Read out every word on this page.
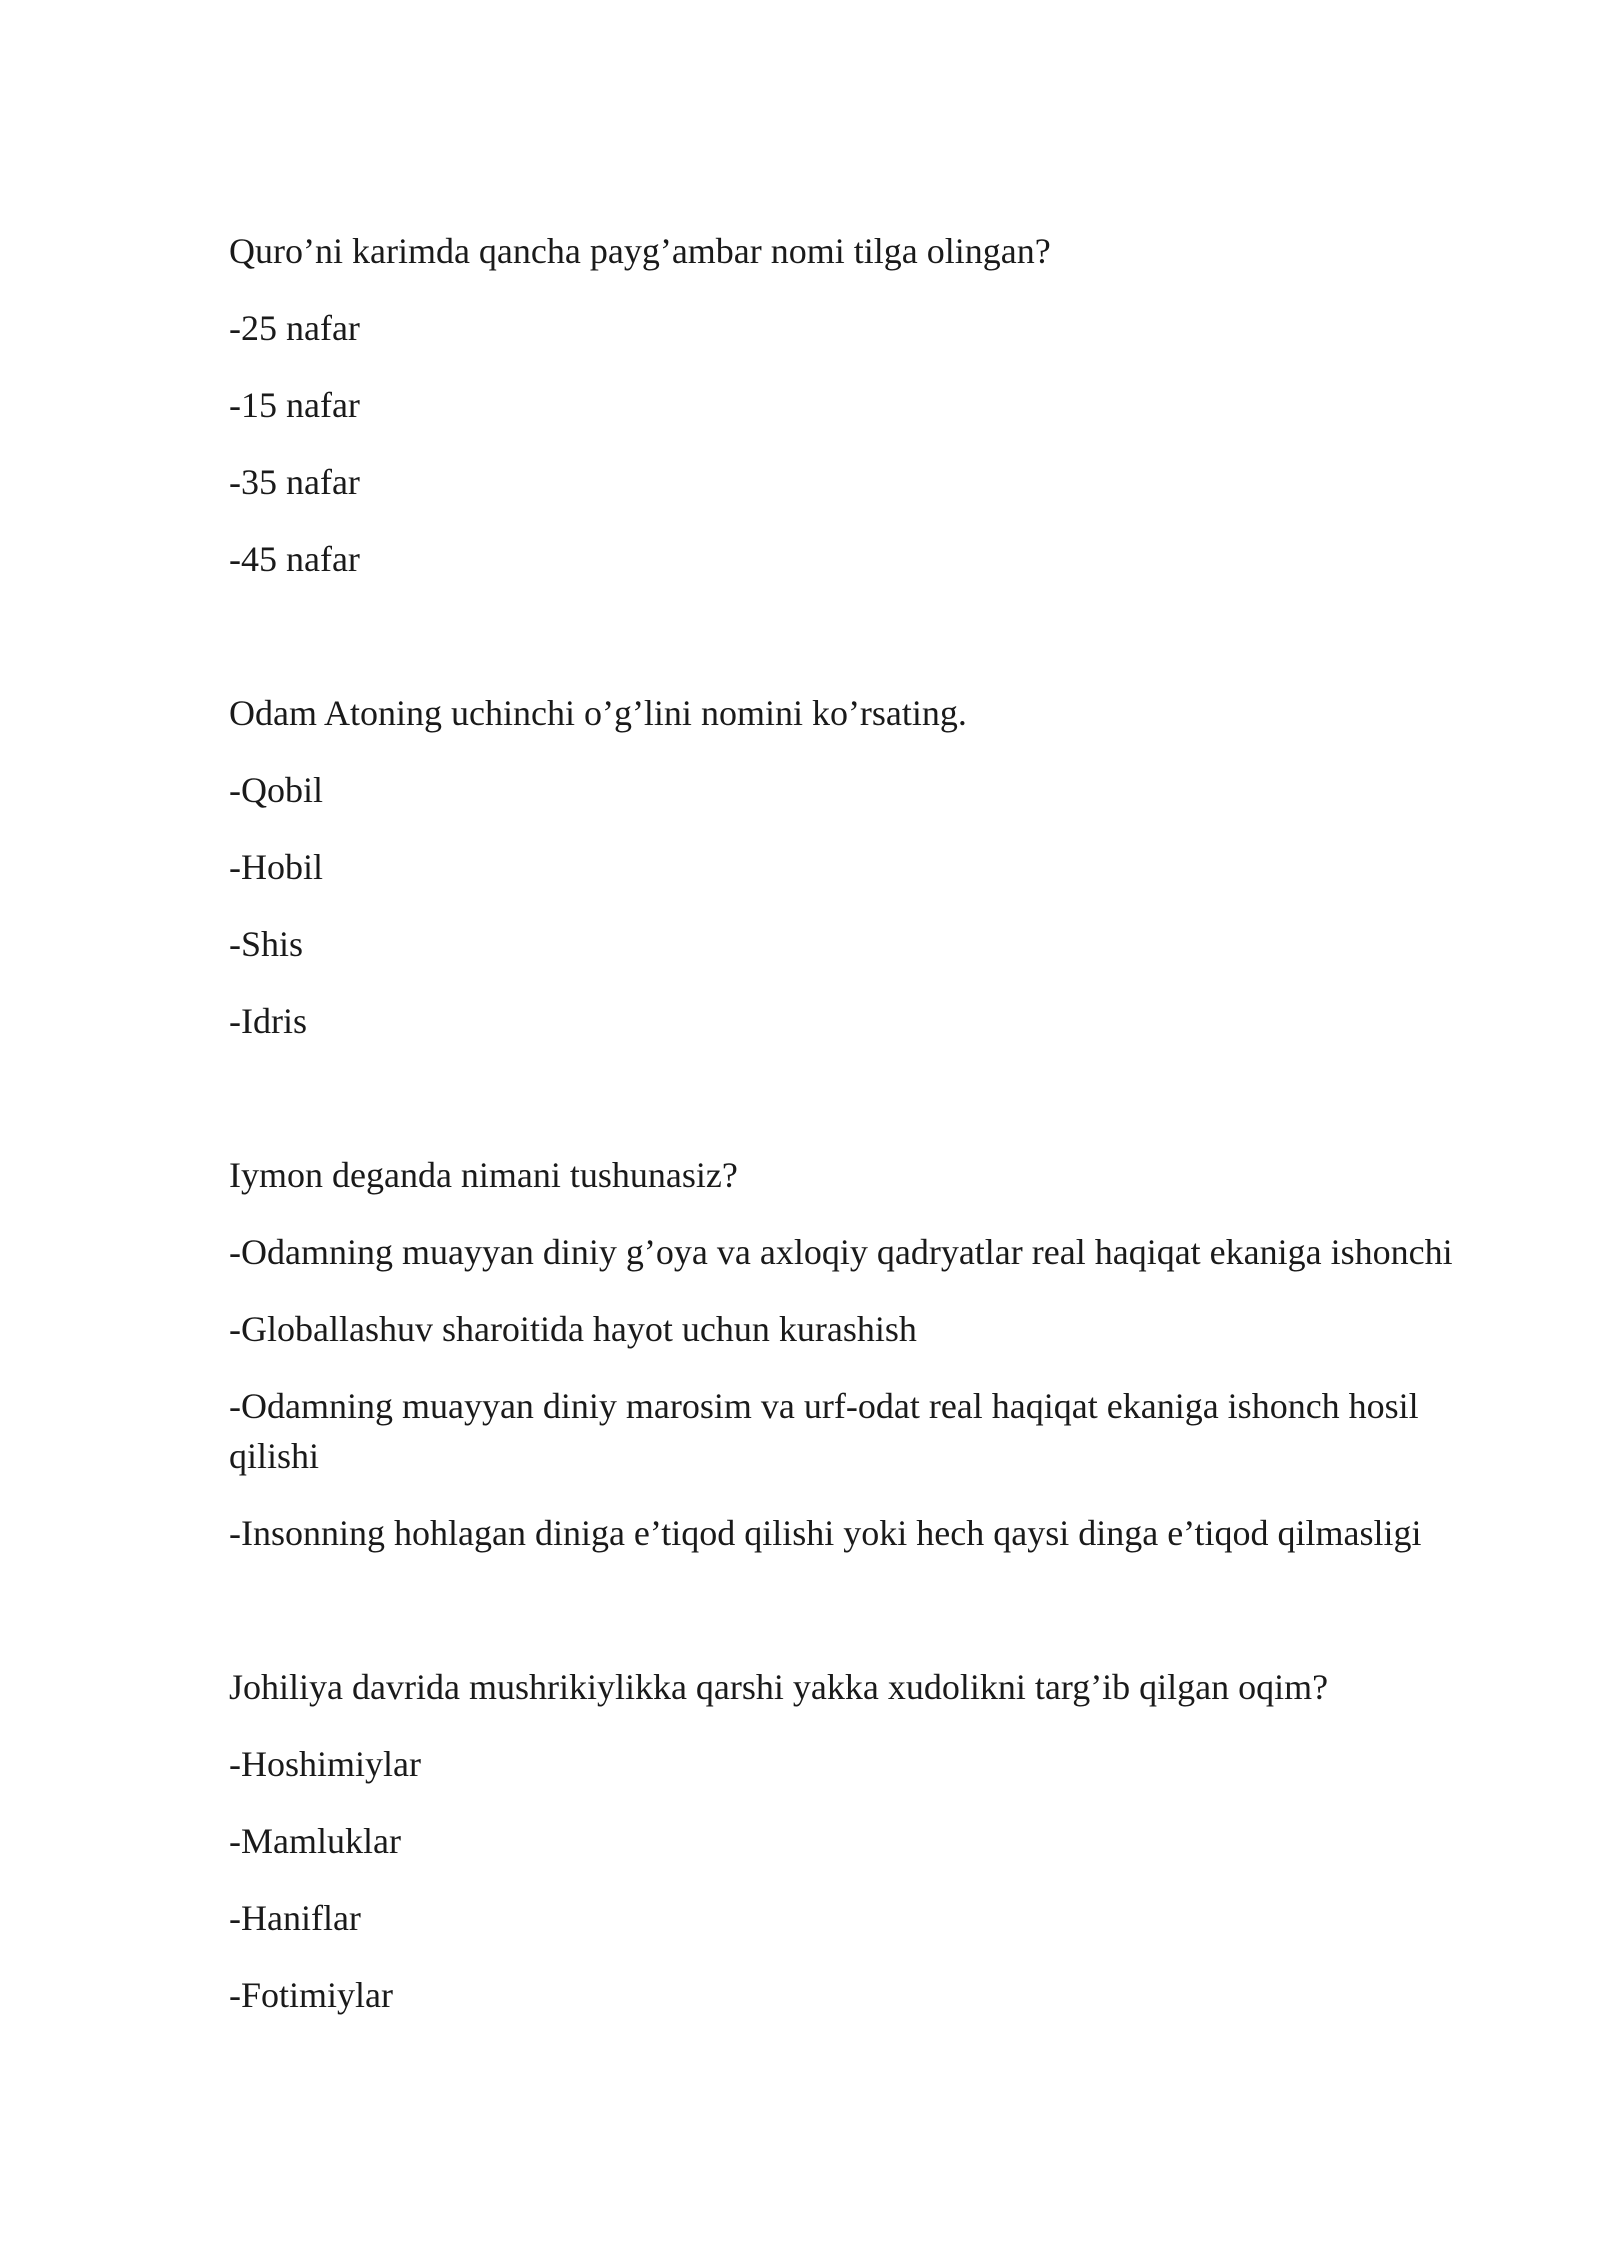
Quro’ni karimda qancha payg’ambar nomi tilga olingan?

-25 nafar

-15 nafar

-35 nafar

-45 nafar

Odam Atoning uchinchi o’g’lini nomini ko’rsating.

-Qobil

-Hobil

-Shis

-Idris

Iymon deganda nimani tushunasiz?

-Odamning muayyan diniy g’oya va axloqiy qadryatlar real haqiqat ekaniga ishonchi

-Globallashuv sharoitida hayot uchun kurashish

-Odamning muayyan diniy marosim va urf-odat real haqiqat ekaniga ishonch hosil qilishi

-Insonning hohlagan diniga e’tiqod qilishi yoki hech qaysi dinga e’tiqod qilmasligi

Johiliya davrida mushrikiylikka qarshi yakka xudolikni targ’ib qilgan oqim?

-Hoshimiylar

-Mamluklar

-Haniflar

-Fotimiylar
